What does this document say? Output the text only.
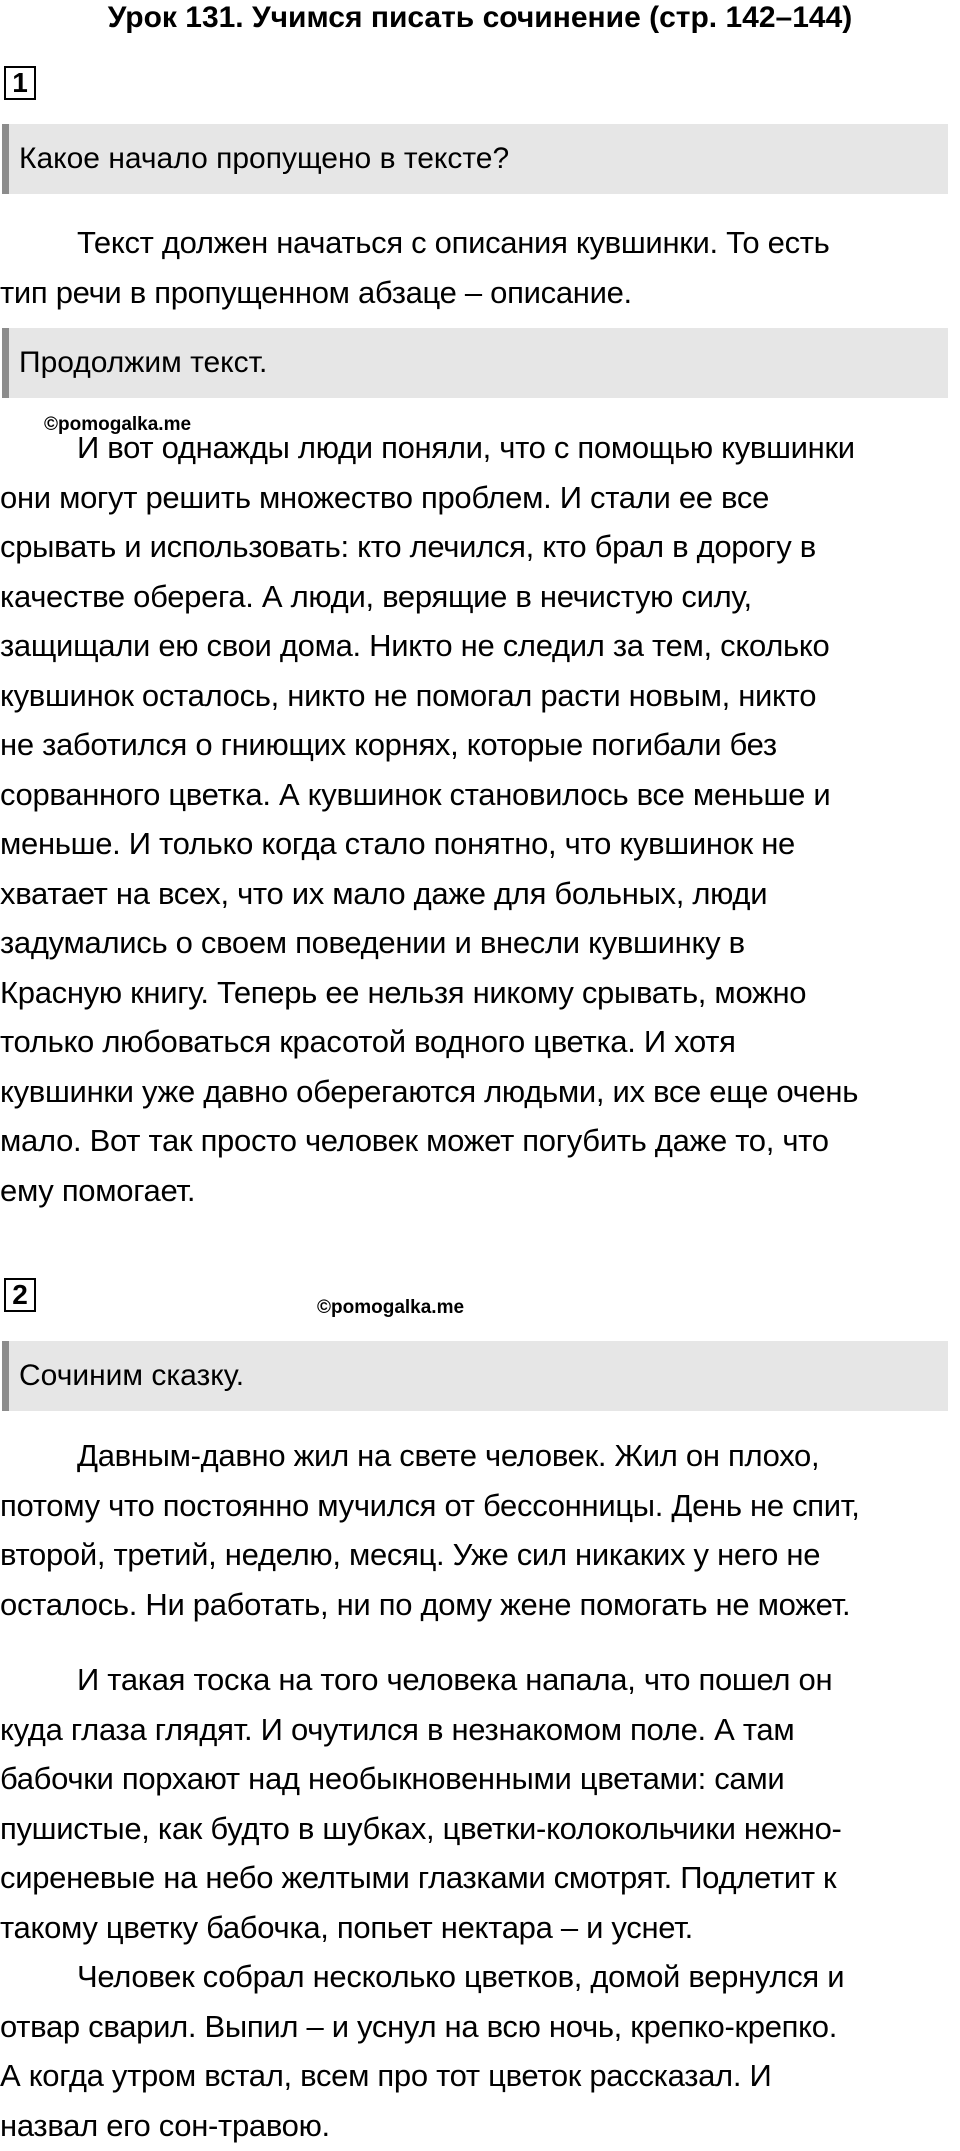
Урок 131. Учимся писать сочинение (стр. 142–144)
1
Какое начало пропущено в тексте?
Текст должен начаться с описания кувшинки. То есть
тип речи в пропущенном абзаце – описание.
Продолжим текст.
©pomogalka.me
И вот однажды люди поняли, что с помощью кувшинки
они могут решить множество проблем. И стали ее все
срывать и использовать: кто лечился, кто брал в дорогу в
качестве оберега. А люди, верящие в нечистую силу,
защищали ею свои дома. Никто не следил за тем, сколько
кувшинок осталось, никто не помогал расти новым, никто
не заботился о гниющих корнях, которые погибали без
сорванного цветка. А кувшинок становилось все меньше и
меньше. И только когда стало понятно, что кувшинок не
хватает на всех, что их мало даже для больных, люди
задумались о своем поведении и внесли кувшинку в
Красную книгу. Теперь ее нельзя никому срывать, можно
только любоваться красотой водного цветка. И хотя
кувшинки уже давно оберегаются людьми, их все еще очень
мало. Вот так просто человек может погубить даже то, что
ему помогает.
2	©pomogalka.me
Сочиним сказку.
Давным-давно жил на свете человек. Жил он плохо,
потому что постоянно мучился от бессонницы. День не спит,
второй, третий, неделю, месяц. Уже сил никаких у него не
осталось. Ни работать, ни по дому жене помогать не может.
И такая тоска на того человека напала, что пошел он
куда глаза глядят. И очутился в незнакомом поле. А там
бабочки порхают над необыкновенными цветами: сами
пушистые, как будто в шубках, цветки-колокольчики нежно-
сиреневые на небо желтыми глазками смотрят. Подлетит к
такому цветку бабочка, попьет нектара – и уснет.
Человек собрал несколько цветков, домой вернулся и
отвар сварил. Выпил – и уснул на всю ночь, крепко-крепко.
А когда утром встал, всем про тот цветок рассказал. И
назвал его сон-травою.
